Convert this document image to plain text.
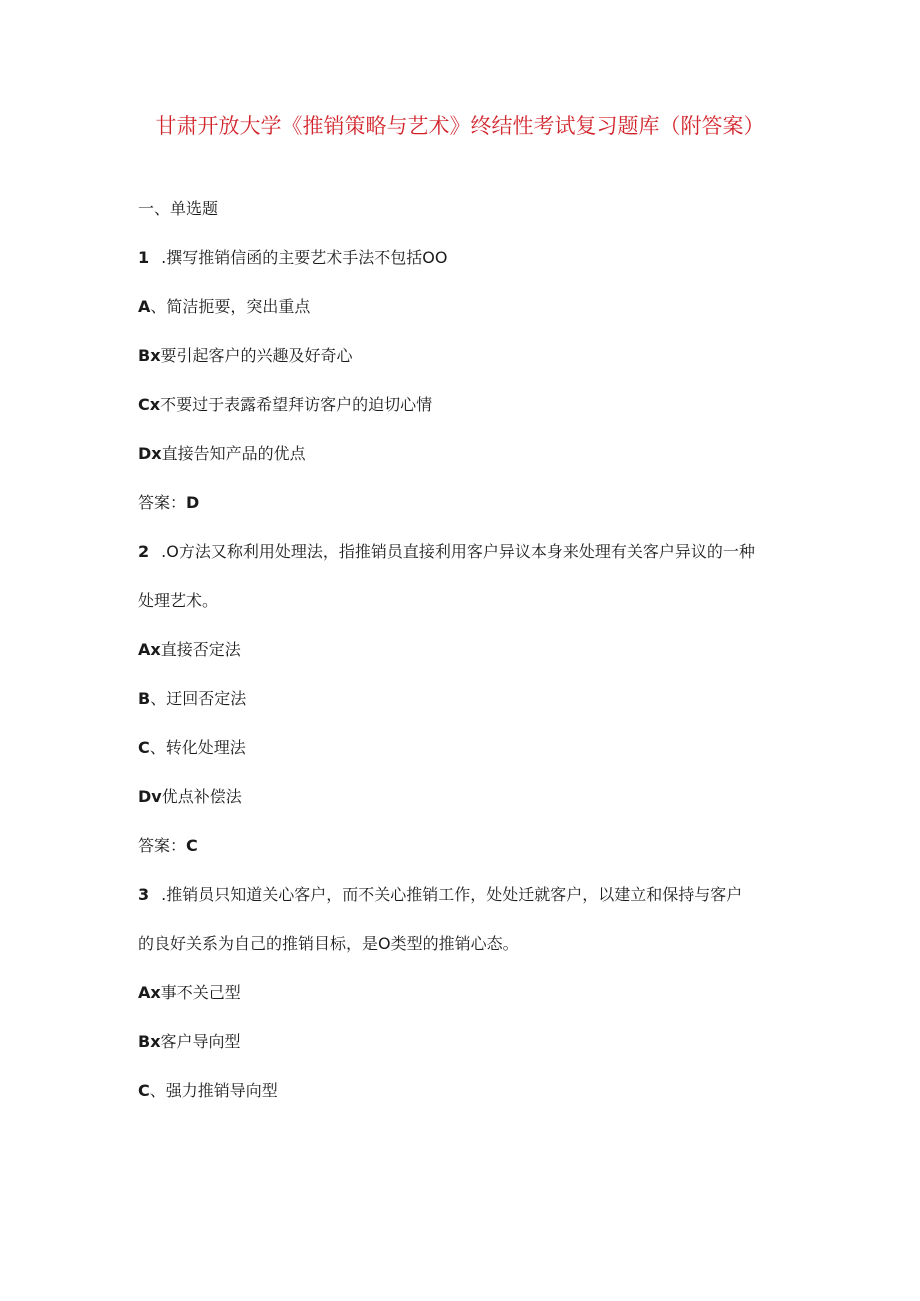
甘肃开放大学《推销策略与艺术》终结性考试复习题库（附答案）
一、单选题
1 .撰写推销信函的主要艺术手法不包括OO
A、简洁扼要，突出重点
Bx要引起客户的兴趣及好奇心
Cx不要过于表露希望拜访客户的迫切心情
Dx直接告知产品的优点
答案：D
2 .O方法又称利用处理法，指推销员直接利用客户异议本身来处理有关客户异议的一种
处理艺术。
Ax直接否定法
B、迂回否定法
C、转化处理法
Dv优点补偿法
答案：C
3 .推销员只知道关心客户，而不关心推销工作，处处迁就客户，以建立和保持与客户
的良好关系为自己的推销目标，是O类型的推销心态。
Ax事不关己型
Bx客户导向型
C、强力推销导向型
